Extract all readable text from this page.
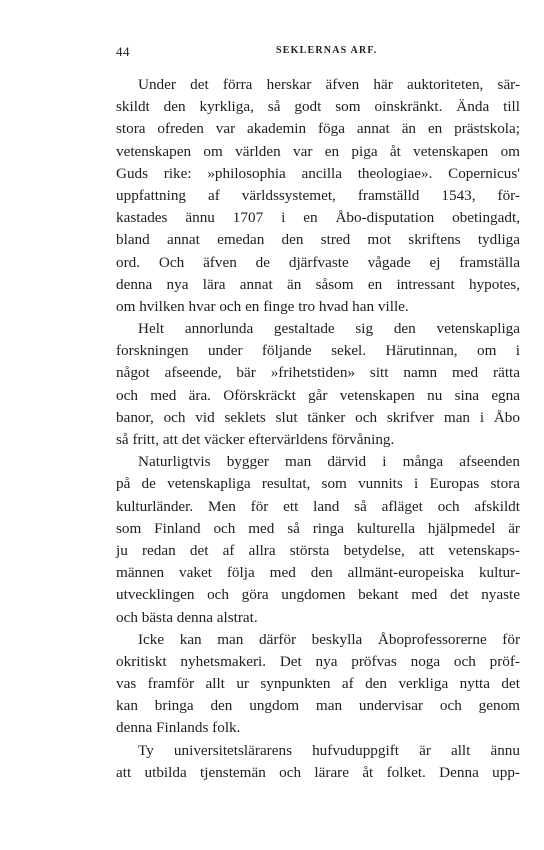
44	SEKLERNAS ARF.
Under det förra herskar äfven här auktoriteten, sär-
skildt den kyrkliga, så godt som oinskränkt. Ända till
stora ofreden var akademin föga annat än en prästskola;
vetenskapen om världen var en piga åt vetenskapen om
Guds rike: »philosophia ancilla theologiae». Copernicus'
uppfattning af världssystemet, framställd 1543, för-
kastades ännu 1707 i en Åbo-disputation obetingadt,
bland annat emedan den stred mot skriftens tydliga
ord. Och äfven de djärfvaste vågade ej framställa
denna nya lära annat än såsom en intressant hypotes,
om hvilken hvar och en finge tro hvad han ville.
Helt annorlunda gestaltade sig den vetenskapliga
forskningen under följande sekel. Härutinnan, om i
något afseende, bär »frihetstiden» sitt namn med rätta
och med ära. Oförskräckt går vetenskapen nu sina egna
banor, och vid seklets slut tänker och skrifver man i Åbo
så fritt, att det väcker eftervärldens förvåning.
Naturligtvis bygger man därvid i många afseenden
på de vetenskapliga resultat, som vunnits i Europas stora
kulturländer. Men för ett land så afläget och afskildt
som Finland och med så ringa kulturella hjälpmedel är
ju redan det af allra största betydelse, att vetenskaps-
männen vaket följa med den allmänt-europeiska kultur-
utvecklingen och göra ungdomen bekant med det nyaste
och bästa denna alstrat.
Icke kan man därför beskylla Åboprofessorerne för
okritiskt nyhetsmakeri. Det nya pröfvas noga och pröf-
vas framför allt ur synpunkten af den verkliga nytta det
kan bringa den ungdom man undervisar och genom
denna Finlands folk.
Ty universitetslärarens hufvuduppgift är allt ännu
att utbilda tjenstemän och lärare åt folket. Denna upp-
